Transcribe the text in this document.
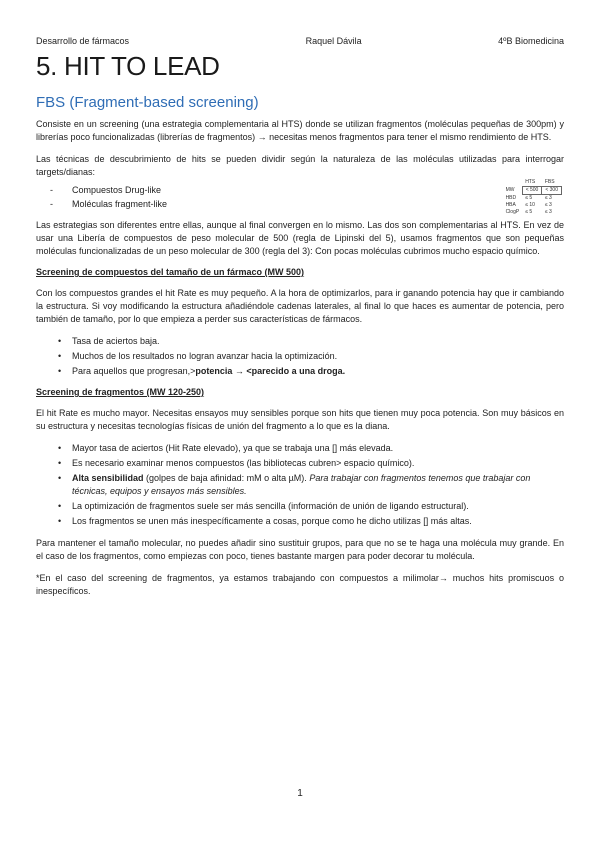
Desarrollo de fármacos	Raquel Dávila	4ºB Biomedicina
5. HIT TO LEAD
FBS (Fragment-based screening)

Consiste en un screening (una estrategia complementaria al HTS) donde se utilizan fragmentos (moléculas pequeñas de 300pm) y librerías poco funcionalizadas (librerías de fragmentos) → necesitas menos fragmentos para tener el mismo rendimiento de HTS.

Las técnicas de descubrimiento de hits se pueden dividir según la naturaleza de las moléculas utilizadas para interrogar targets/dianas:

- Compuestos Drug-like
- Moléculas fragment-like
	HTS	FBS
MW	< 500	< 300
HBD	≤ 5	≤ 3
HBA	≤ 10	≤ 3
ClogP	≤ 5	≤ 3

Las estrategias son diferentes entre ellas, aunque al final convergen en lo mismo. Las dos son complementarias al HTS. En vez de usar una Libería de compuestos de peso molecular de 500 (regla de Lipinski del 5), usamos fragmentos que son pequeñas moléculas funcionalizadas de un peso molecular de 300 (regla del 3): Con pocas moléculas cubrimos mucho espacio químico.

Screening de compuestos del tamaño de un fármaco (MW 500)

Con los compuestos grandes el hit Rate es muy pequeño. A la hora de optimizarlos, para ir ganando potencia hay que ir cambiando la estructura. Si voy modificando la estructura añadiéndole cadenas laterales, al final lo que haces es aumentar de potencia, pero también de tamaño, por lo que empieza a perder sus características de fármacos.

• Tasa de aciertos baja.
• Muchos de los resultados no logran avanzar hacia la optimización.
• Para aquellos que progresan,>potencia → <parecido a una droga.
Screening de fragmentos (MW 120-250)

El hit Rate es mucho mayor. Necesitas ensayos muy sensibles porque son hits que tienen muy poca potencia. Son muy básicos en su estructura y necesitas tecnologías físicas de unión del fragmento a lo que es la diana.

• Mayor tasa de aciertos (Hit Rate elevado), ya que se trabaja una [] más elevada.
• Es necesario examinar menos compuestos (las bibliotecas cubren> espacio químico).
• Alta sensibilidad (golpes de baja afinidad: mM o alta µM). Para trabajar con fragmentos tenemos que trabajar con técnicas, equipos y ensayos más sensibles.
• La optimización de fragmentos suele ser más sencilla (información de unión de ligando estructural).
• Los fragmentos se unen más inespecíficamente a cosas, porque como he dicho utilizas [] más altas.

Para mantener el tamaño molecular, no puedes añadir sino sustituir grupos, para que no se te haga una molécula muy grande. En el caso de los fragmentos, como empiezas con poco, tienes bastante margen para poder decorar tu molécula.

*En el caso del screening de fragmentos, ya estamos trabajando con compuestos a milimolar→ muchos hits promiscuos o inespecíficos.

1
